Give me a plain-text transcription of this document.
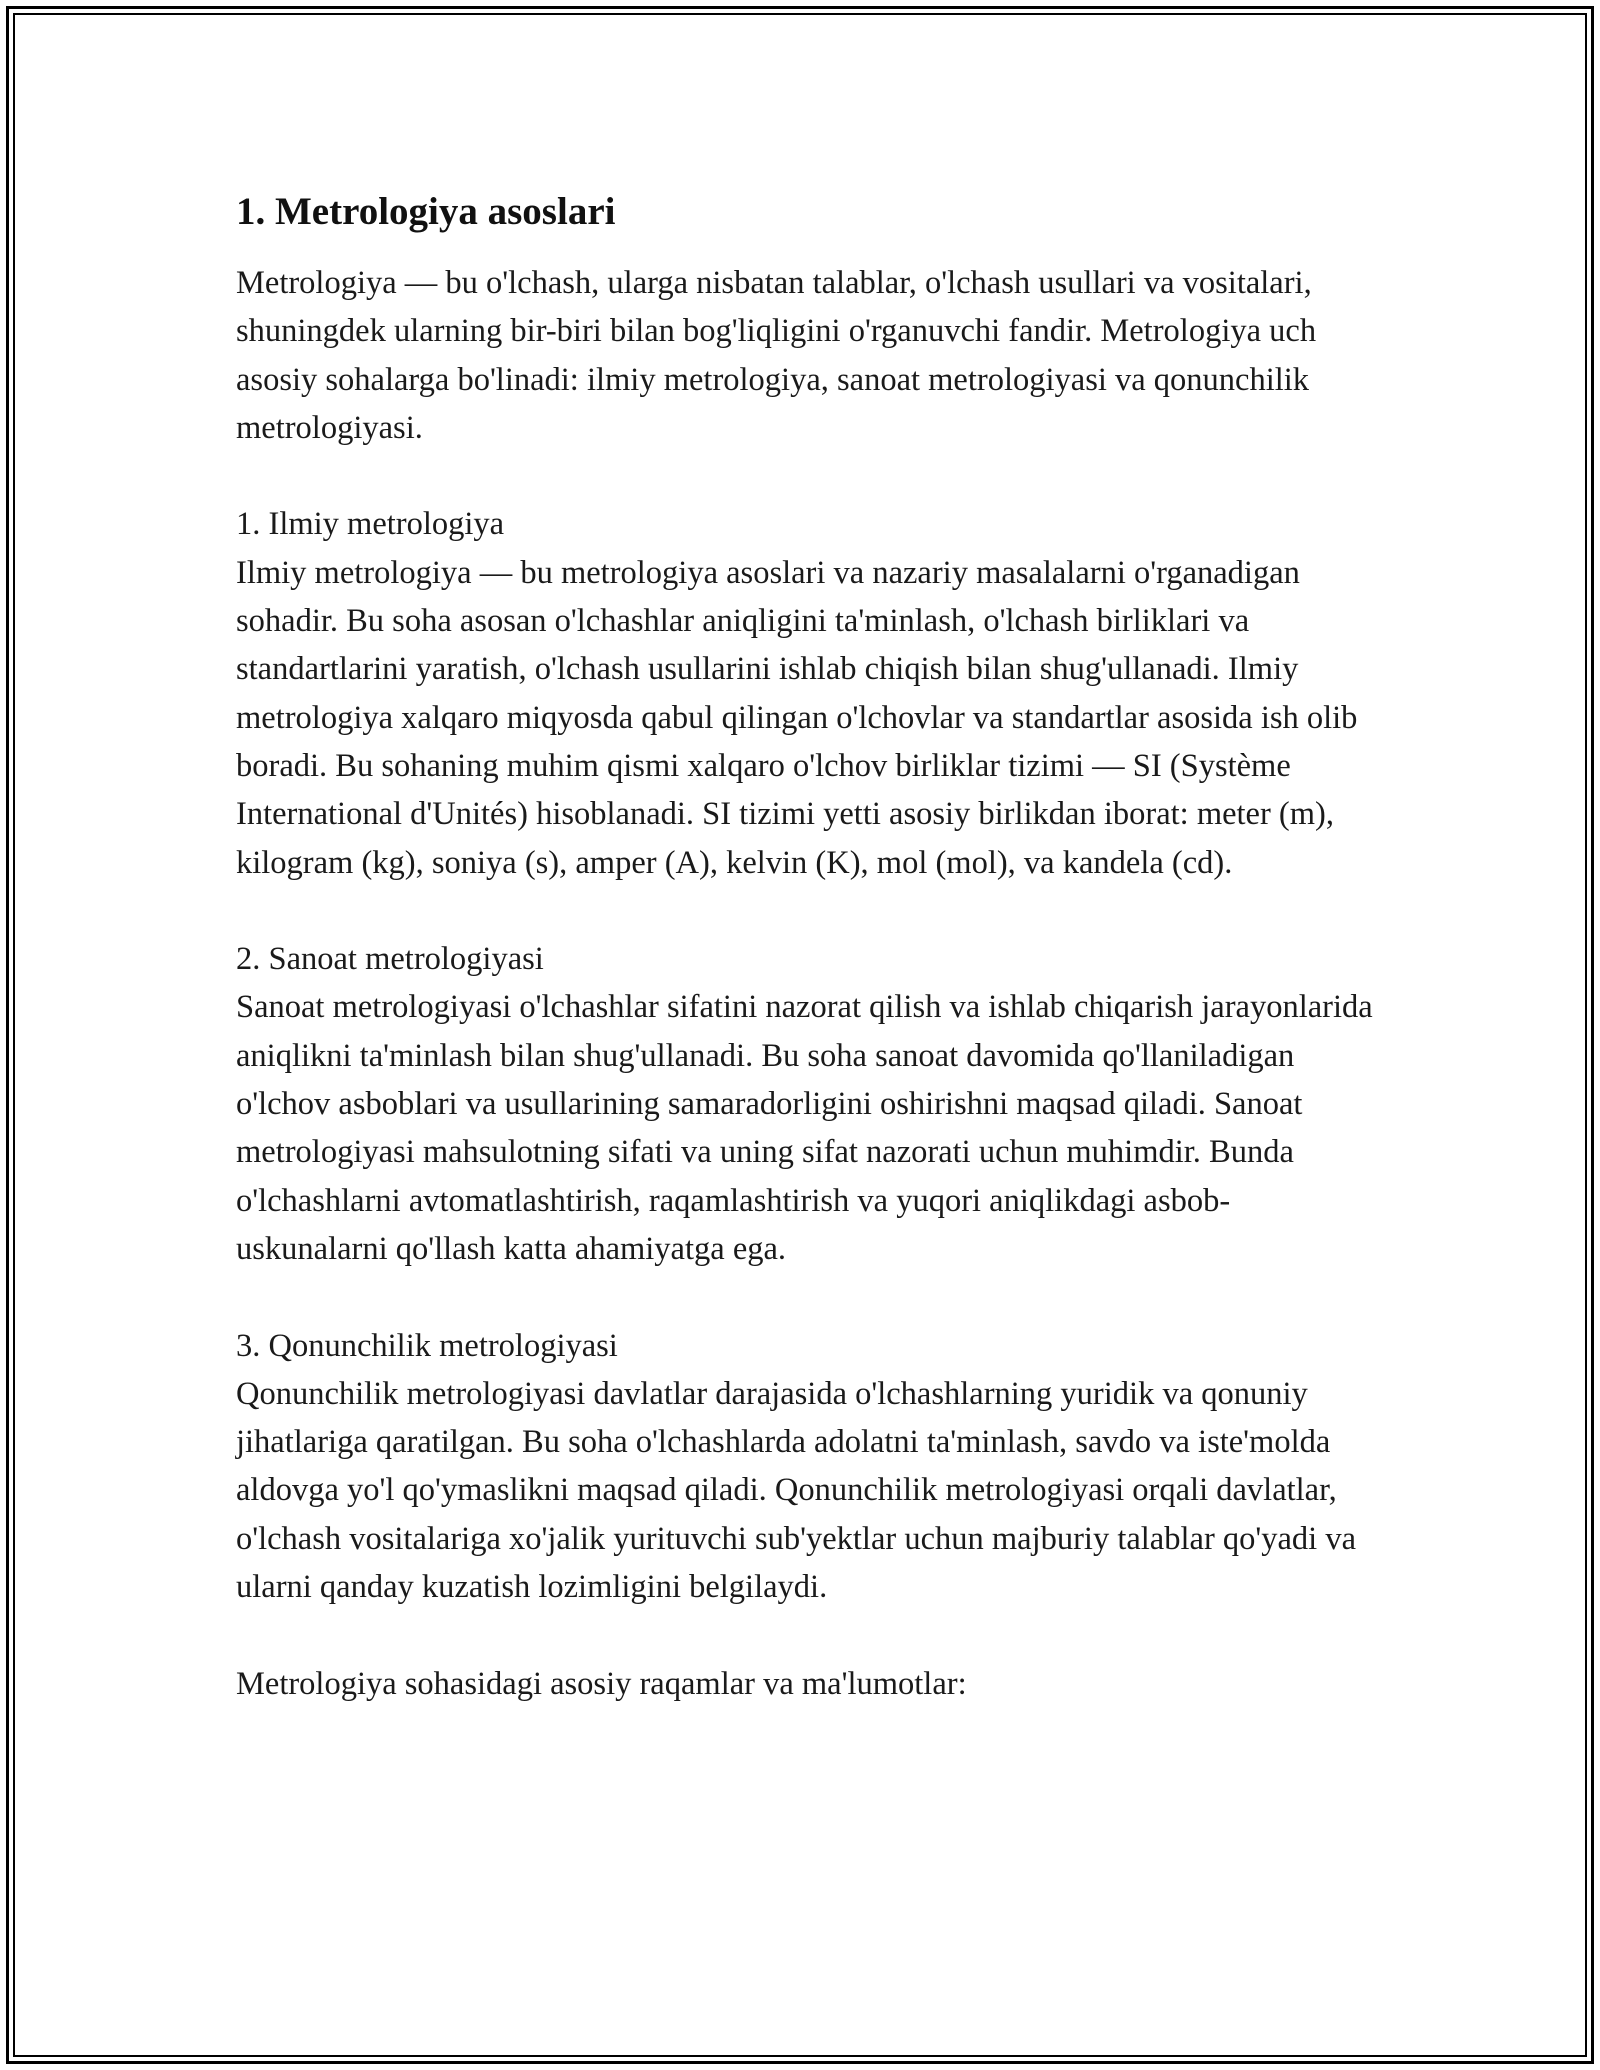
1. Metrologiya asoslari

Metrologiya — bu o'lchash, ularga nisbatan talablar, o'lchash usullari va vositalari, shuningdek ularning bir-biri bilan bog'liqligini o'rganuvchi fandir. Metrologiya uch asosiy sohalarga bo'linadi: ilmiy metrologiya, sanoat metrologiyasi va qonunchilik metrologiyasi.

1. Ilmiy metrologiya

Ilmiy metrologiya — bu metrologiya asoslari va nazariy masalalarni o'rganadigan sohadir. Bu soha asosan o'lchashlar aniqligini ta'minlash, o'lchash birliklari va standartlarini yaratish, o'lchash usullarini ishlab chiqish bilan shug'ullanadi. Ilmiy metrologiya xalqaro miqyosda qabul qilingan o'lchovlar va standartlar asosida ish olib boradi. Bu sohaning muhim qismi xalqaro o'lchov birliklar tizimi — SI (Système International d'Unités) hisoblanadi. SI tizimi yetti asosiy birlikdan iborat: meter (m), kilogram (kg), soniya (s), amper (A), kelvin (K), mol (mol), va kandela (cd).

2. Sanoat metrologiyasi

Sanoat metrologiyasi o'lchashlar sifatini nazorat qilish va ishlab chiqarish jarayonlarida aniqlikni ta'minlash bilan shug'ullanadi. Bu soha sanoat davomida qo'llaniladigan o'lchov asboblari va usullarining samaradorligini oshirishni maqsad qiladi. Sanoat metrologiyasi mahsulotning sifati va uning sifat nazorati uchun muhimdir. Bunda o'lchashlarni avtomatlashtirish, raqamlashtirish va yuqori aniqlikdagi asbob-uskunalarni qo'llash katta ahamiyatga ega.

3. Qonunchilik metrologiyasi

Qonunchilik metrologiyasi davlatlar darajasida o'lchashlarning yuridik va qonuniy jihatlariga qaratilgan. Bu soha o'lchashlarda adolatni ta'minlash, savdo va iste'molda aldovga yo'l qo'ymaslikni maqsad qiladi. Qonunchilik metrologiyasi orqali davlatlar, o'lchash vositalariga xo'jalik yurituvchi sub'yektlar uchun majburiy talablar qo'yadi va ularni qanday kuzatish lozimligini belgilaydi.

Metrologiya sohasidagi asosiy raqamlar va ma'lumotlar:
